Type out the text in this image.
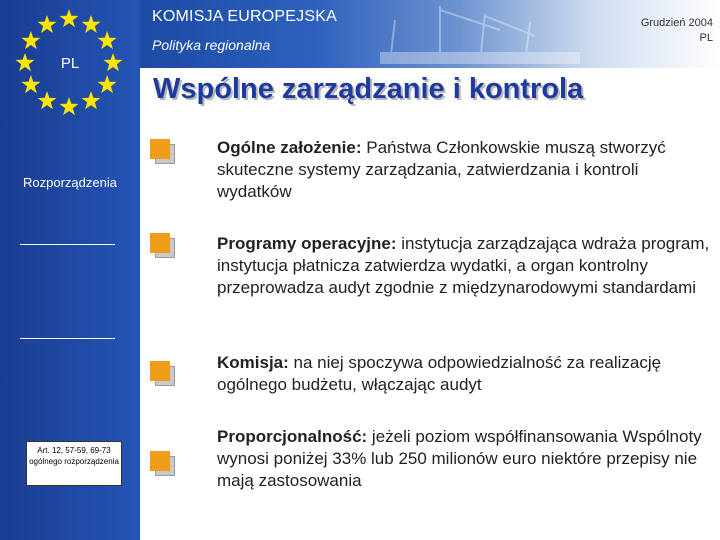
PL
Rozporządzenia
Art. 12, 57-59, 69-73 ogólnego rozporządzenia
KOMISJA EUROPEJSKA
Polityka regionalna
Grudzień 2004
PL
Wspólne zarządzanie i kontrola
Ogólne założenie: Państwa Członkowskie muszą stworzyć skuteczne systemy zarządzania, zatwierdzania i kontroli wydatków
Programy operacyjne: instytucja zarządzająca wdraża program, instytucja płatnicza zatwierdza wydatki, a organ kontrolny przeprowadza audyt zgodnie z międzynarodowymi standardami
Komisja: na niej spoczywa odpowiedzialność za realizację ogólnego budżetu, włączając audyt
Proporcjonalność: jeżeli poziom współfinansowania Wspólnoty wynosi poniżej 33% lub 250 milionów euro niektóre przepisy nie mają zastosowania
